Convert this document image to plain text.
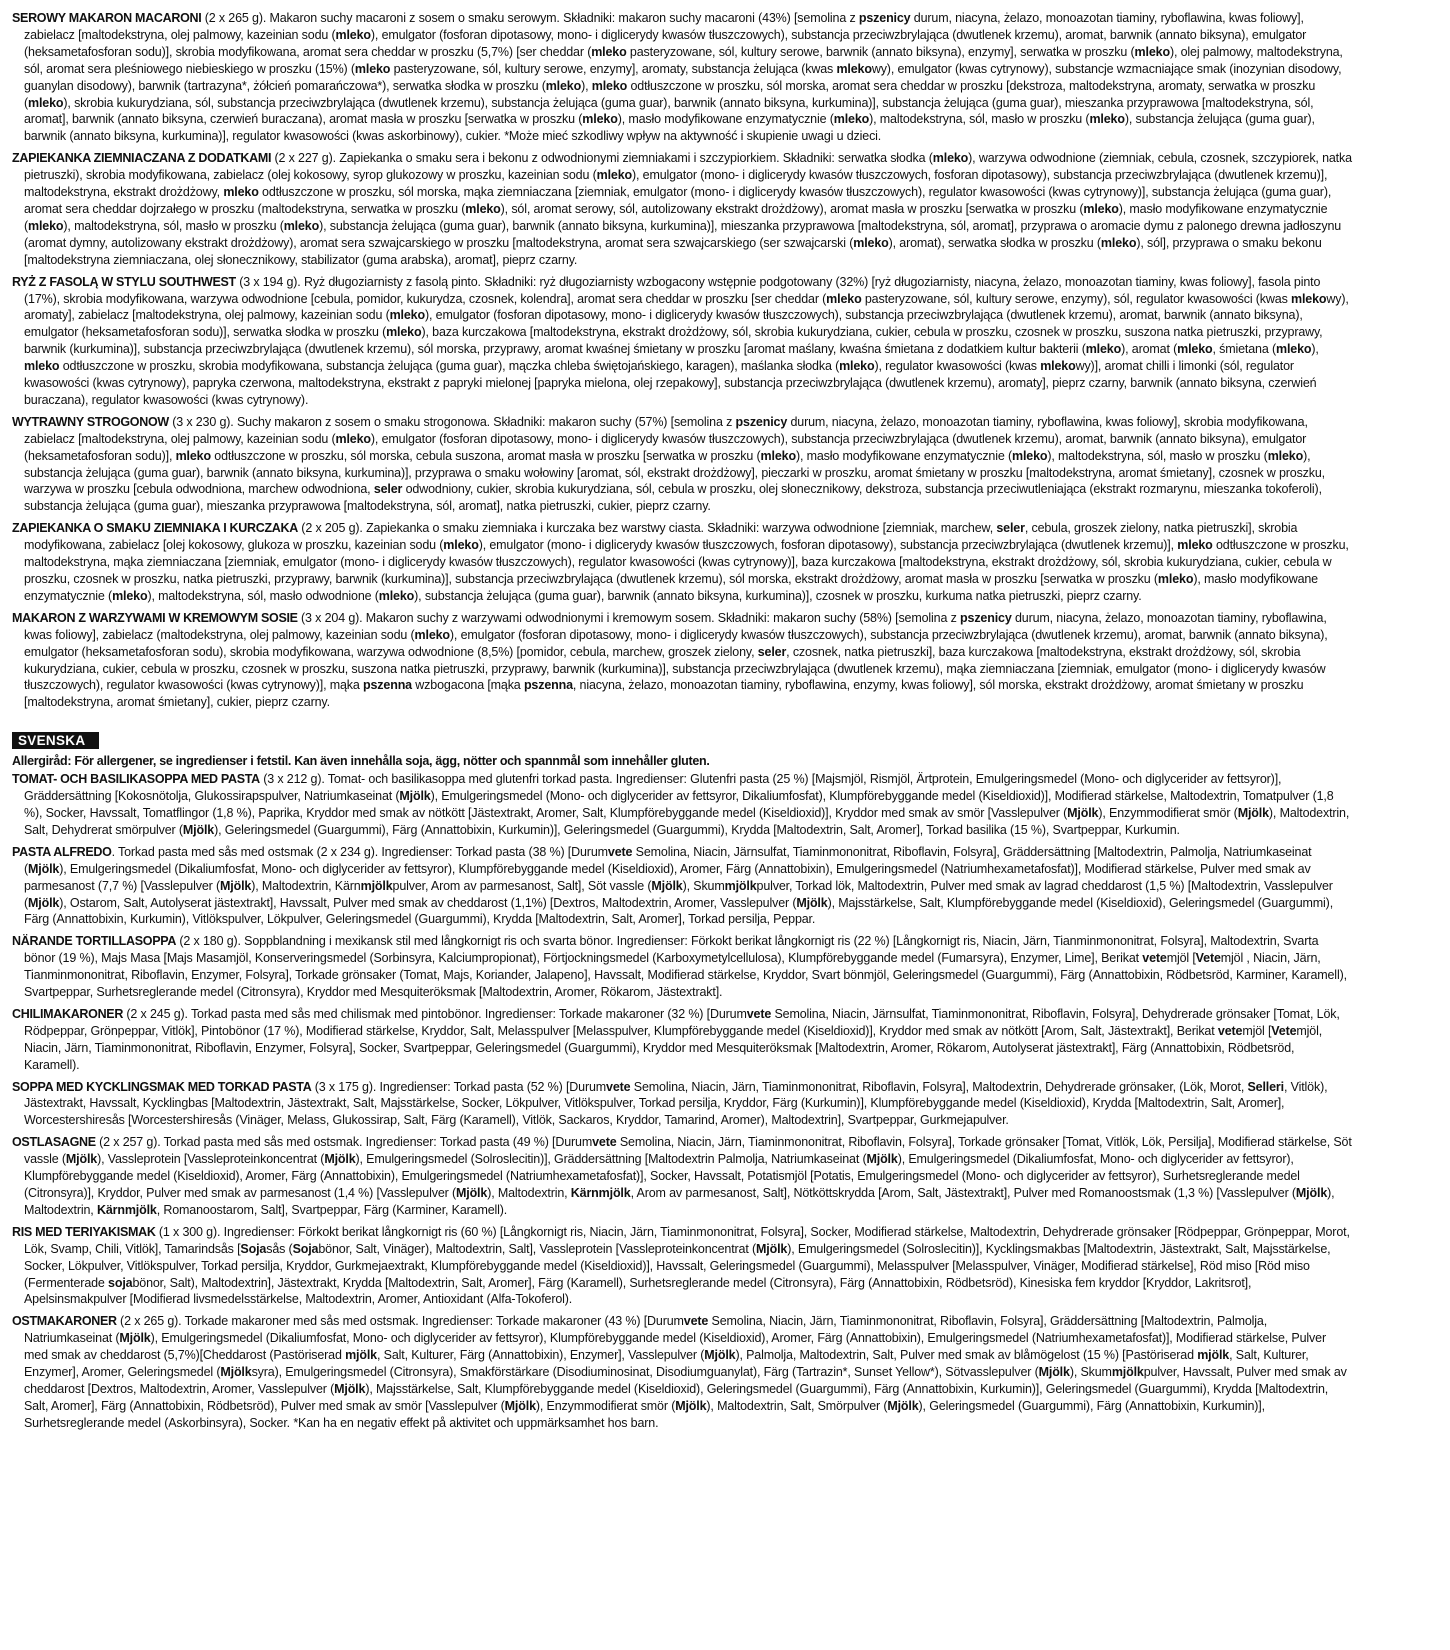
SEROWY MAKARON MACARONI (2 x 265 g). Makaron suchy macaroni z sosem o smaku serowym. Składniki: makaron suchy macaroni (43%) [semolina z pszenicy durum, niacyna, żelazo, monoazotan tiaminy, ryboflawina, kwas foliowy], zabielacz [maltodekstryna, olej palmowy, kazeinian sodu (mleko), emulgator (fosforan dipotasowy, mono- i diglicerydy kwasów tłuszczowych), substancja przeciwzbrylająca (dwutlenek krzemu), aromat, barwnik (annato biksyna), emulgator (heksametafosforan sodu)], skrobia modyfikowana, aromat sera cheddar w proszku (5,7%) [ser cheddar (mleko pasteryzowane, sól, kultury serowe, barwnik (annato biksyna), enzymy], serwatka w proszku (mleko), olej palmowy, maltodekstryna, sól, aromat sera pleśniowego niebieskiego w proszku (15%) (mleko pasteryzowane, sól, kultury serowe, enzymy], aromaty, substancja żelująca (kwas mlekowy), emulgator (kwas cytrynowy), substancje wzmacniające smak (inozynian disodowy, guanylan disodowy), barwnik (tartrazyna*, żółcień pomarańczowa*), serwatka słodka w proszku (mleko), mleko odtłuszczone w proszku, sól morska, aromat sera cheddar w proszku [dekstroza, maltodekstryna, aromaty, serwatka w proszku (mleko), skrobia kukurydziana, sól, substancja przeciwzbrylająca (dwutlenek krzemu), substancja żelująca (guma guar), barwnik (annato biksyna, kurkumina)], substancja żelująca (guma guar), mieszanka przyprawowa [maltodekstryna, sól, aromat], barwnik (annato biksyna, czerwień buraczana), aromat masła w proszku [serwatka w proszku (mleko), masło modyfikowane enzymatycznie (mleko), maltodekstryna, sól, masło w proszku (mleko), substancja żelująca (guma guar), barwnik (annato biksyna, kurkumina)], regulator kwasowości (kwas askorbinowy), cukier. *Może mieć szkodliwy wpływ na aktywność i skupienie uwagi u dzieci.

ZAPIEKANKA ZIEMNIACZANA Z DODATKAMI (2 x 227 g). Zapiekanka o smaku sera i bekonu z odwodnionymi ziemniakami i szczypiorkiem. Składniki: serwatka słodka (mleko), warzywa odwodnione (ziemniak, cebula, czosnek, szczypiorek, natka pietruszki), skrobia modyfikowana, zabielacz (olej kokosowy, syrop glukozowy w proszku, kazeinian sodu (mleko), emulgator (mono- i diglicerydy kwasów tłuszczowych, fosforan dipotasowy), substancja przeciwzbrylająca (dwutlenek krzemu)], maltodekstryna, ekstrakt drożdżowy, mleko odtłuszczone w proszku, sól morska, mąka ziemniaczana [ziemniak, emulgator (mono- i diglicerydy kwasów tłuszczowych), regulator kwasowości (kwas cytrynowy)], substancja żelująca (guma guar), aromat sera cheddar dojrzałego w proszku (maltodekstryna, serwatka w proszku (mleko), sól, aromat serowy, sól, autolizowany ekstrakt drożdżowy), aromat masła w proszku [serwatka w proszku (mleko), masło modyfikowane enzymatycznie (mleko), maltodekstryna, sól, masło w proszku (mleko), substancja żelująca (guma guar), barwnik (annato biksyna, kurkumina)], mieszanka przyprawowa [maltodekstryna, sól, aromat], przyprawa o aromacie dymu z palonego drewna jadłoszynu (aromat dymny, autolizowany ekstrakt drożdżowy), aromat sera szwajcarskiego w proszku [maltodekstryna, aromat sera szwajcarskiego (ser szwajcarski (mleko), aromat), serwatka słodka w proszku (mleko), sól], przyprawa o smaku bekonu [maltodekstryna ziemniaczana, olej słonecznikowy, stabilizator (guma arabska), aromat], pieprz czarny.

RYŻ Z FASOLĄ W STYLU SOUTHWEST (3 x 194 g). Ryż długoziarnisty z fasolą pinto. Składniki: ryż długoziarnisty wzbogacony wstępnie podgotowany (32%) [ryż długoziarnisty, niacyna, żelazo, monoazotan tiaminy, kwas foliowy], fasola pinto (17%), skrobia modyfikowana, warzywa odwodnione [cebula, pomidor, kukurydza, czosnek, kolendra], aromat sera cheddar w proszku [ser cheddar (mleko pasteryzowane, sól, kultury serowe, enzymy), sól, regulator kwasowości (kwas mlekowy), aromaty], zabielacz [maltodekstryna, olej palmowy, kazeinian sodu (mleko), emulgator (fosforan dipotasowy, mono- i diglicerydy kwasów tłuszczowych), substancja przeciwzbrylająca (dwutlenek krzemu), aromat, barwnik (annato biksyna), emulgator (heksametafosforan sodu)], serwatka słodka w proszku (mleko), baza kurczakowa [maltodekstryna, ekstrakt drożdżowy, sól, skrobia kukurydziana, cukier, cebula w proszku, czosnek w proszku, suszona natka pietruszki, przyprawy, barwnik (kurkumina)], substancja przeciwzbrylająca (dwutlenek krzemu), sól morska, przyprawy, aromat kwaśnej śmietany w proszku [aromat maślany, kwaśna śmietana z dodatkiem kultur bakterii (mleko), aromat (mleko, śmietana (mleko), mleko odtłuszczone w proszku, skrobia modyfikowana, substancja żelująca (guma guar), mączka chleba świętojańskiego, karagen), maślanka słodka (mleko), regulator kwasowości (kwas mlekowy)], aromat chilli i limonki (sól, regulator kwasowości (kwas cytrynowy), papryka czerwona, maltodekstryna, ekstrakt z papryki mielonej [papryka mielona, olej rzepakowy], substancja przeciwzbrylająca (dwutlenek krzemu), aromaty], pieprz czarny, barwnik (annato biksyna, czerwień buraczana), regulator kwasowości (kwas cytrynowy).

WYTRAWNY STROGONOW (3 x 230 g). Suchy makaron z sosem o smaku strogonowa. Składniki: makaron suchy (57%) [semolina z pszenicy durum, niacyna, żelazo, monoazotan tiaminy, ryboflawina, kwas foliowy], skrobia modyfikowana, zabielacz [maltodekstryna, olej palmowy, kazeinian sodu (mleko), emulgator (fosforan dipotasowy, mono- i diglicerydy kwasów tłuszczowych), substancja przeciwzbrylająca (dwutlenek krzemu), aromat, barwnik (annato biksyna), emulgator (heksametafosforan sodu)], mleko odtłuszczone w proszku, sól morska, cebula suszona, aromat masła w proszku [serwatka w proszku (mleko), masło modyfikowane enzymatycznie (mleko), maltodekstryna, sól, masło w proszku (mleko), substancja żelująca (guma guar), barwnik (annato biksyna, kurkumina)], przyprawa o smaku wołowiny [aromat, sól, ekstrakt drożdżowy], pieczarki w proszku, aromat śmietany w proszku [maltodekstryna, aromat śmietany], czosnek w proszku, warzywa w proszku [cebula odwodniona, marchew odwodniona, seler odwodniony, cukier, skrobia kukurydziana, sól, cebula w proszku, olej słonecznikowy, dekstroza, substancja przeciwutleniająca (ekstrakt rozmarynu, mieszanka tokoferoli), substancja żelująca (guma guar), mieszanka przyprawowa [maltodekstryna, sól, aromat], natka pietruszki, cukier, pieprz czarny.

ZAPIEKANKA O SMAKU ZIEMNIAKA I KURCZAKA (2 x 205 g). Zapiekanka o smaku ziemniaka i kurczaka bez warstwy ciasta. Składniki: warzywa odwodnione [ziemniak, marchew, seler, cebula, groszek zielony, natka pietruszki], skrobia modyfikowana, zabielacz [olej kokosowy, glukoza w proszku, kazeinian sodu (mleko), emulgator (mono- i diglicerydy kwasów tłuszczowych, fosforan dipotasowy), substancja przeciwzbrylająca (dwutlenek krzemu)], mleko odtłuszczone w proszku, maltodekstryna, mąka ziemniaczana [ziemniak, emulgator (mono- i diglicerydy kwasów tłuszczowych), regulator kwasowości (kwas cytrynowy)], baza kurczakowa [maltodekstryna, ekstrakt drożdżowy, sól, skrobia kukurydziana, cukier, cebula w proszku, czosnek w proszku, natka pietruszki, przyprawy, barwnik (kurkumina)], substancja przeciwzbrylająca (dwutlenek krzemu), sól morska, ekstrakt drożdżowy, aromat masła w proszku [serwatka w proszku (mleko), masło modyfikowane enzymatycznie (mleko), maltodekstryna, sól, masło odwodnione (mleko), substancja żelująca (guma guar), barwnik (annato biksyna, kurkumina)], czosnek w proszku, kurkuma natka pietruszki, pieprz czarny.

MAKARON Z WARZYWAMI W KREMOWYM SOSIE (3 x 204 g). Makaron suchy z warzywami odwodnionymi i kremowym sosem. Składniki: makaron suchy (58%) [semolina z pszenicy durum, niacyna, żelazo, monoazotan tiaminy, ryboflawina, kwas foliowy], zabielacz (maltodekstryna, olej palmowy, kazeinian sodu (mleko), emulgator (fosforan dipotasowy, mono- i diglicerydy kwasów tłuszczowych), substancja przeciwzbrylająca (dwutlenek krzemu), aromat, barwnik (annato biksyna), emulgator (heksametafosforan sodu), skrobia modyfikowana, warzywa odwodnione (8,5%) [pomidor, cebula, marchew, groszek zielony, seler, czosnek, natka pietruszki], baza kurczakowa [maltodekstryna, ekstrakt drożdżowy, sól, skrobia kukurydziana, cukier, cebula w proszku, czosnek w proszku, suszona natka pietruszki, przyprawy, barwnik (kurkumina)], substancja przeciwzbrylająca (dwutlenek krzemu), mąka ziemniaczana [ziemniak, emulgator (mono- i diglicerydy kwasów tłuszczowych), regulator kwasowości (kwas cytrynowy)], mąka pszenna wzbogacona [mąka pszenna, niacyna, żelazo, monoazotan tiaminy, ryboflawina, enzymy, kwas foliowy], sól morska, ekstrakt drożdżowy, aromat śmietany w proszku [maltodekstryna, aromat śmietany], cukier, pieprz czarny.

SVENSKA
Allergiråd: För allergener, se ingredienser i fetstil. Kan även innehålla soja, ägg, nötter och spannmål som innehåller gluten.

TOMAT- OCH BASILIKASOPPA MED PASTA (3 x 212 g). Tomat- och basilikasoppa med glutenfri torkad pasta. Ingredienser: Glutenfri pasta (25 %) [Majsmjöl, Rismjöl, Ärtprotein, Emulgeringsmedel (Mono- och diglycerider av fettsyror)], Gräddersättning [Kokosnötolja, Glukossirapspulver, Natriumkaseinat (Mjölk), Emulgeringsmedel (Mono- och diglycerider av fettsyror, Dikaliumfosfat), Klumpförebyggande medel (Kiseldioxid)], Modifierad stärkelse, Maltodextrin, Tomatpulver (1,8 %), Socker, Havssalt, Tomatflingor (1,8 %), Paprika, Kryddor med smak av nötkött [Jästextrakt, Aromer, Salt, Klumpförebyggande medel (Kiseldioxid)], Kryddor med smak av smör [Vasslepulver (Mjölk), Enzymmodifierat smör (Mjölk), Maltodextrin, Salt, Dehydrerat smörpulver (Mjölk), Geleringsmedel (Guargummi), Färg (Annattobixin, Kurkumin)], Geleringsmedel (Guargummi), Krydda [Maltodextrin, Salt, Aromer], Torkad basilika (15 %), Svartpeppar, Kurkumin.

PASTA ALFREDO. Torkad pasta med sås med ostsmak (2 x 234 g). Ingredienser: Torkad pasta (38 %) [Durumvete Semolina, Niacin, Järnsulfat, Tiaminmononitrat, Riboflavin, Folsyra], Gräddersättning [Maltodextrin, Palmolja, Natriumkaseinat (Mjölk), Emulgeringsmedel (Dikaliumfosfat, Mono- och diglycerider av fettsyror), Klumpförebyggande medel (Kiseldioxid), Aromer, Färg (Annattobixin), Emulgeringsmedel (Natriumhexametafosfat)], Modifierad stärkelse, Pulver med smak av parmesanost (7,7 %) [Vasslepulver (Mjölk), Maltodextrin, Kärnmjölkpulver, Arom av parmesanost, Salt], Söt vassle (Mjölk), Skummjölkpulver, Torkad lök, Maltodextrin, Pulver med smak av lagrad cheddarost (1,5 %) [Maltodextrin, Vasslepulver (Mjölk), Ostarom, Salt, Autolyserat jästextrakt], Havssalt, Pulver med smak av cheddarost (1,1%) [Dextros, Maltodextrin, Aromer, Vasslepulver (Mjölk), Majsstärkelse, Salt, Klumpförebyggande medel (Kiseldioxid), Geleringsmedel (Guargummi), Färg (Annattobixin, Kurkumin), Vitlökspulver, Lökpulver, Geleringsmedel (Guargummi), Krydda [Maltodextrin, Salt, Aromer], Torkad persilja, Peppar.

NÄRANDE TORTILLASOPPA (2 x 180 g). Soppblandning i mexikansk stil med långkornigt ris och svarta bönor. Ingredienser: Förkokt berikat långkornigt ris (22 %) [Långkornigt ris, Niacin, Järn, Tianminmononitrat, Folsyra], Maltodextrin, Svarta bönor (19 %), Majs Masa [Majs Masamjöl, Konserveringsmedel (Sorbinsyra, Kalciumpropionat), Förtjockningsmedel (Karboxymetylcellulosa), Klumpförebyggande medel (Fumarsyra), Enzymer, Lime], Berikat vetemjöl [Vetemjöl , Niacin, Järn, Tianminmononitrat, Riboflavin, Enzymer, Folsyra], Torkade grönsaker (Tomat, Majs, Koriander, Jalapeno], Havssalt, Modifierad stärkelse, Kryddor, Svart bönmjöl, Geleringsmedel (Guargummi), Färg (Annattobixin, Rödbetsröd, Karminer, Karamell), Svartpeppar, Surhetsreglerande medel (Citronsyra), Kryddor med Mesquiteröksmak [Maltodextrin, Aromer, Rökarom, Jästextrakt].

CHILIMAKARONER (2 x 245 g). Torkad pasta med sås med chilismak med pintobönor. Ingredienser: Torkade makaroner (32 %) [Durumvete Semolina, Niacin, Järnsulfat, Tiaminmononitrat, Riboflavin, Folsyra], Dehydrerade grönsaker [Tomat, Lök, Rödpeppar, Grönpeppar, Vitlök], Pintobönor (17 %), Modifierad stärkelse, Kryddor, Salt, Melasspulver [Melasspulver, Klumpförebyggande medel (Kiseldioxid)], Kryddor med smak av nötkött [Arom, Salt, Jästextrakt], Berikat vetemjöl [Vetemjöl, Niacin, Järn, Tiaminmononitrat, Riboflavin, Enzymer, Folsyra], Socker, Svartpeppar, Geleringsmedel (Guargummi), Kryddor med Mesquiteröksmak [Maltodextrin, Aromer, Rökarom, Autolyserat jästextrakt], Färg (Annattobixin, Rödbetsröd, Karamell).

SOPPA MED KYCKLINGSMAK MED TORKAD PASTA (3 x 175 g). Ingredienser: Torkad pasta (52 %) [Durumvete Semolina, Niacin, Järn, Tiaminmononitrat, Riboflavin, Folsyra], Maltodextrin, Dehydrerade grönsaker, (Lök, Morot, Selleri, Vitlök), Jästextrakt, Havssalt, Kycklingbas [Maltodextrin, Jästextrakt, Salt, Majsstärkelse, Socker, Lökpulver, Vitlökspulver, Torkad persilja, Kryddor, Färg (Kurkumin)], Klumpförebyggande medel (Kiseldioxid), Krydda [Maltodextrin, Salt, Aromer], Worcestershiresås [Worcestershiresås (Vinäger, Melass, Glukossirap, Salt, Färg (Karamell), Vitlök, Sackaros, Kryddor, Tamarind, Aromer), Maltodextrin], Svartpeppar, Gurkmejapulver.

OSTLASAGNE (2 x 257 g). Torkad pasta med sås med ostsmak. Ingredienser: Torkad pasta (49 %) [Durumvete Semolina, Niacin, Järn, Tiaminmononitrat, Riboflavin, Folsyra], Torkade grönsaker [Tomat, Vitlök, Lök, Persilja], Modifierad stärkelse, Söt vassle (Mjölk), Vassleprotein [Vassleproteinkoncentrat (Mjölk), Emulgeringsmedel (Solroslecitin)], Gräddersättning [Maltodextrin Palmolja, Natriumkaseinat (Mjölk), Emulgeringsmedel (Dikaliumfosfat, Mono- och diglycerider av fettsyror), Klumpförebyggande medel (Kiseldioxid), Aromer, Färg (Annattobixin), Emulgeringsmedel (Natriumhexametafosfat)], Socker, Havssalt, Potatismjöl [Potatis, Emulgeringsmedel (Mono- och diglycerider av fettsyror), Surhetsreglerande medel (Citronsyra)], Kryddor, Pulver med smak av parmesanost (1,4 %) [Vasslepulver (Mjölk), Maltodextrin, Kärnmjölk, Arom av parmesanost, Salt], Nötköttskrydda [Arom, Salt, Jästextrakt], Pulver med Romanoostsmak (1,3 %) [Vasslepulver (Mjölk), Maltodextrin, Kärnmjölk, Romanoostarom, Salt], Svartpeppar, Färg (Karminer, Karamell).

RIS MED TERIYAKISMAK (1 x 300 g). Ingredienser: Förkokt berikat långkornigt ris (60 %) [Långkornigt ris, Niacin, Järn, Tiaminmononitrat, Folsyra], Socker, Modifierad stärkelse, Maltodextrin, Dehydrerade grönsaker [Rödpeppar, Grönpeppar, Morot, Lök, Svamp, Chili, Vitlök], Tamarindsås [Sojasås (Sojabönor, Salt, Vinäger), Maltodextrin, Salt], Vassleprotein [Vassleproteinkoncentrat (Mjölk), Emulgeringsmedel (Solroslecitin)], Kycklingsmakbas [Maltodextrin, Jästextrakt, Salt, Majsstärkelse, Socker, Lökpulver, Vitlökspulver, Torkad persilja, Kryddor, Gurkmejaextrakt, Klumpförebyggande medel (Kiseldioxid)], Havssalt, Geleringsmedel (Guargummi), Melasspulver [Melasspulver, Vinäger, Modifierad stärkelse], Röd miso [Röd miso (Fermenterade sojabönor, Salt), Maltodextrin], Jästextrakt, Krydda [Maltodextrin, Salt, Aromer], Färg (Karamell), Surhetsreglerande medel (Citronsyra), Färg (Annattobixin, Rödbetsröd), Kinesiska fem kryddor [Kryddor, Lakritsrot], Apelsinsmakpulver [Modifierad livsmedelsstärkelse, Maltodextrin, Aromer, Antioxidant (Alfa-Tokoferol).

OSTMAKARONER (2 x 265 g). Torkade makaroner med sås med ostsmak. Ingredienser: Torkade makaroner (43 %) [Durumvete Semolina, Niacin, Järn, Tiaminmononitrat, Riboflavin, Folsyra], Gräddersättning [Maltodextrin, Palmolja, Natriumkaseinat (Mjölk), Emulgeringsmedel (Dikaliumfosfat, Mono- och diglycerider av fettsyror), Klumpförebyggande medel (Kiseldioxid), Aromer, Färg (Annattobixin), Emulgeringsmedel (Natriumhexametafosfat)], Modifierad stärkelse, Pulver med smak av cheddarost (5,7%)[Cheddarost (Pastöriserad mjölk, Salt, Kulturer, Färg (Annattobixin), Enzymer], Vasslepulver (Mjölk), Palmolja, Maltodextrin, Salt, Pulver med smak av blåmögelost (15 %) [Pastöriserad mjölk, Salt, Kulturer, Enzymer], Aromer, Geleringsmedel (Mjölksyra), Emulgeringsmedel (Citronsyra), Smakförstärkare (Disodiuminosinat, Disodiumguanylat), Färg (Tartrazin*, Sunset Yellow*), Sötvasslepulver (Mjölk), Skummjölkpulver, Havssalt, Pulver med smak av cheddarost [Dextros, Maltodextrin, Aromer, Vasslepulver (Mjölk), Majsstärkelse, Salt, Klumpförebyggande medel (Kiseldioxid), Geleringsmedel (Guargummi), Färg (Annattobixin, Kurkumin)], Geleringsmedel (Guargummi), Krydda [Maltodextrin, Salt, Aromer], Färg (Annattobixin, Rödbetsröd), Pulver med smak av smör [Vasslepulver (Mjölk), Enzymmodifierat smör (Mjölk), Maltodextrin, Salt, Smörpulver (Mjölk), Geleringsmedel (Guargummi), Färg (Annattobixin, Kurkumin)], Surhetsreglerande medel (Askorbinsyra), Socker. *Kan ha en negativ effekt på aktivitet och uppmärksamhet hos barn.
